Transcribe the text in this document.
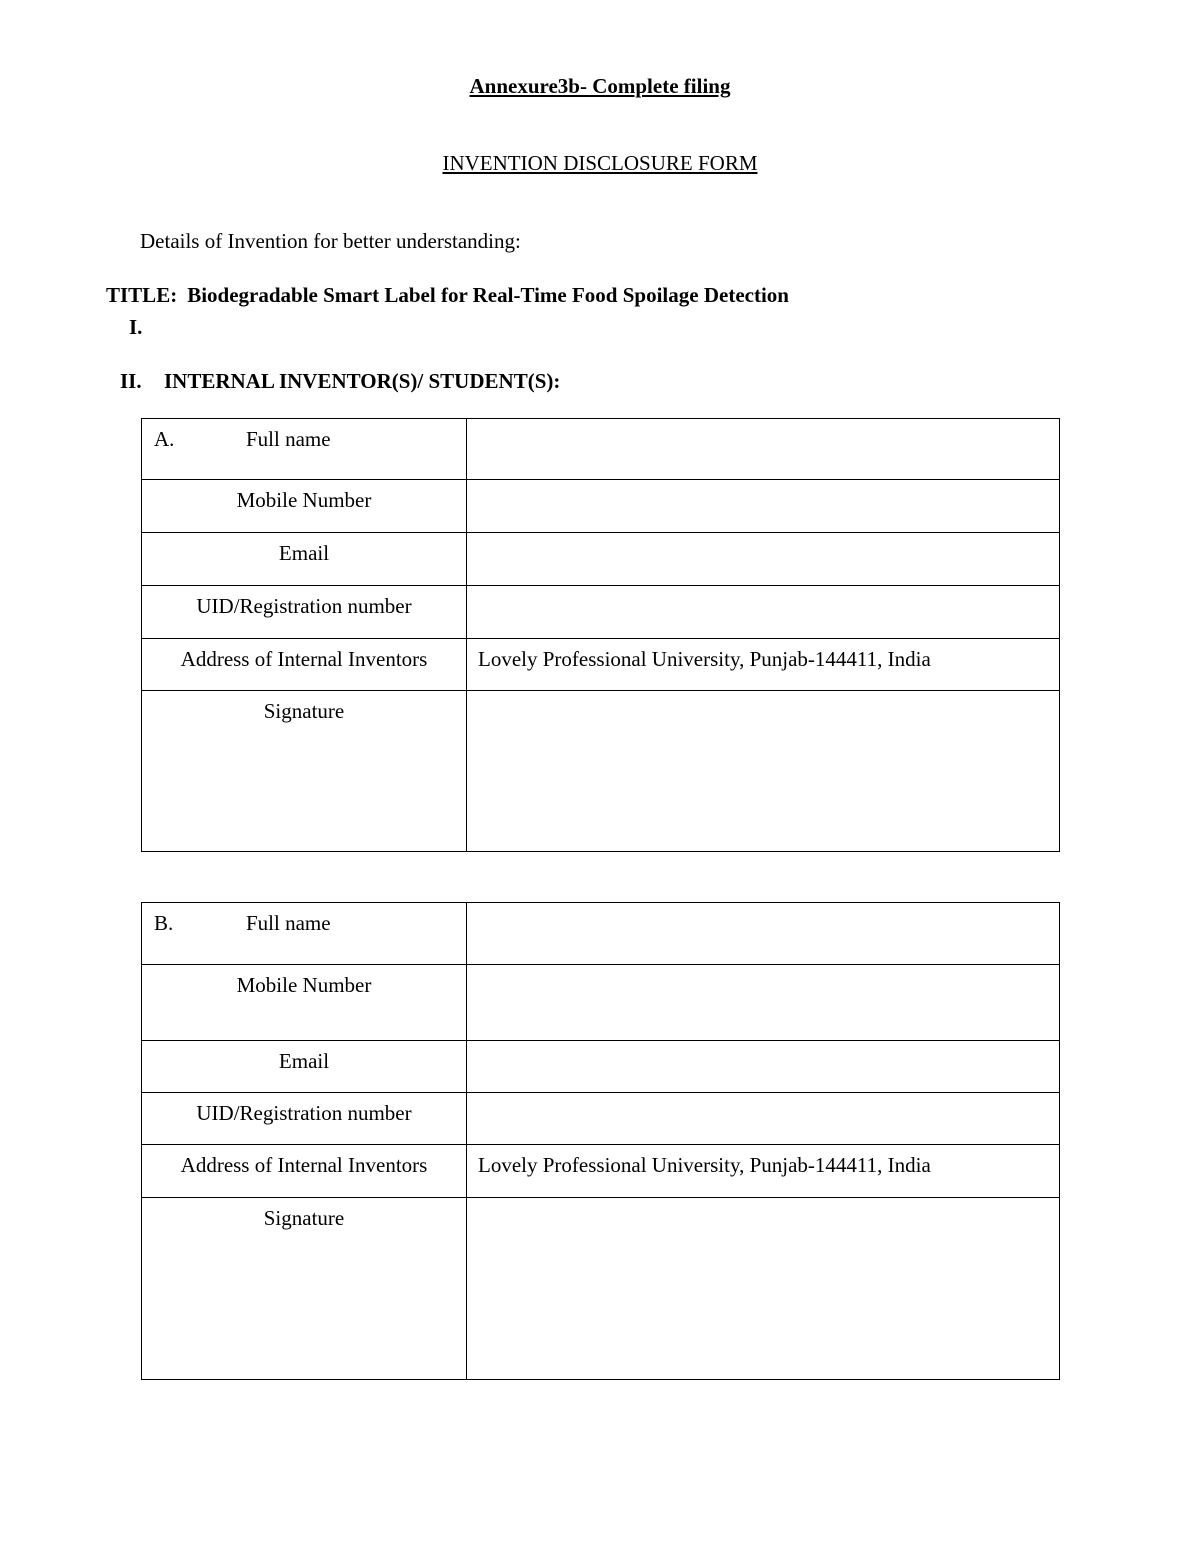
Annexure3b- Complete filing
INVENTION DISCLOSURE FORM
Details of Invention for better understanding:
TITLE: Biodegradable Smart Label for Real-Time Food Spoilage Detection
I.
II. INTERNAL INVENTOR(S)/ STUDENT(S):
A. Full name	
Mobile Number	
Email	
UID/Registration number	
Address of Internal Inventors	Lovely Professional University, Punjab-144411, India
Signature	
B. Full name	
Mobile Number	
Email	
UID/Registration number	
Address of Internal Inventors	Lovely Professional University, Punjab-144411, India
Signature	
